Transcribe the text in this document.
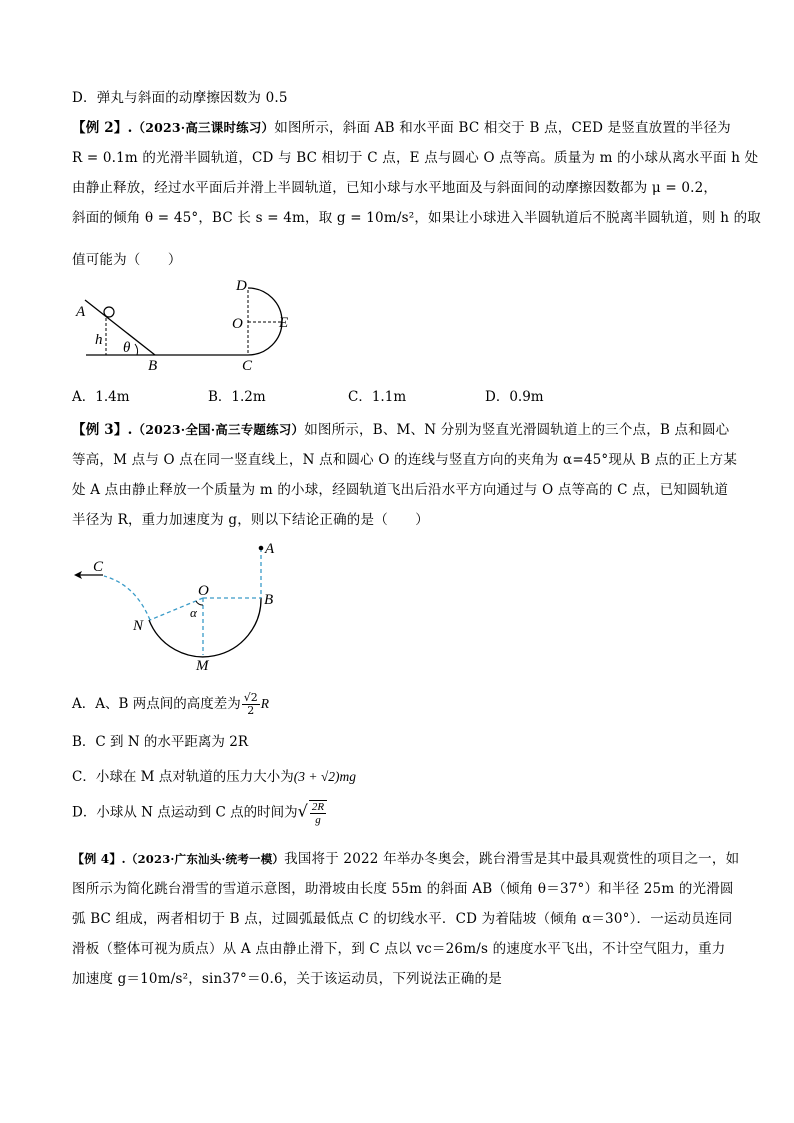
D．弹丸与斜面的动摩擦因数为 0.5
【例 2】.（2023·高三课时练习）如图所示，斜面 AB 和水平面 BC 相交于 B 点，CED 是竖直放置的半径为
R = 0.1m 的光滑半圆轨道，CD 与 BC 相切于 C 点，E 点与圆心 O 点等高。质量为 m 的小球从离水平面 h 处
由静止释放，经过水平面后并滑上半圆轨道，已知小球与水平地面及与斜面间的动摩擦因数都为 μ = 0.2，
斜面的倾角 θ = 45°，BC 长 s = 4m，取 g = 10m/s²，如果让小球进入半圆轨道后不脱离半圆轨道，则 h 的取
值可能为（　　）
A
h θ
B
D
O E
C
A．1.4m	B．1.2m	C．1.1m	D．0.9m
【例 3】.（2023·全国·高三专题练习）如图所示，B、M、N 分别为竖直光滑圆轨道上的三个点，B 点和圆心
等高，M 点与 O 点在同一竖直线上，N 点和圆心 O 的连线与竖直方向的夹角为 α=45°现从 B 点的正上方某
处 A 点由静止释放一个质量为 m 的小球，经圆轨道飞出后沿水平方向通过与 O 点等高的 C 点，已知圆轨道
半径为 R，重力加速度为 g，则以下结论正确的是（　　）
A
C
O
B
α
N
M
A．A、B 两点间的高度差为 $\frac{√2}{2}$ R
B．C 到 N 的水平距离为 2R
C．小球在 M 点对轨道的压力大小为(3 + √2)mg
D．小球从 N 点运动到 C 点的时间为√ $\frac{2R}{g}$
【例 4】.（2023·广东汕头·统考一模）我国将于 2022 年举办冬奥会，跳台滑雪是其中最具观赏性的项目之一，如
图所示为简化跳台滑雪的雪道示意图，助滑坡由长度 55m 的斜面 AB（倾角 θ＝37°）和半径 25m 的光滑圆
弧 BC 组成，两者相切于 B 点，过圆弧最低点 C 的切线水平．CD 为着陆坡（倾角 α＝30°）．一运动员连同
滑板（整体可视为质点）从 A 点由静止滑下，到 C 点以 vc＝26m/s 的速度水平飞出，不计空气阻力，重力
加速度 g＝10m/s²，sin37°＝0.6，关于该运动员，下列说法正确的是
